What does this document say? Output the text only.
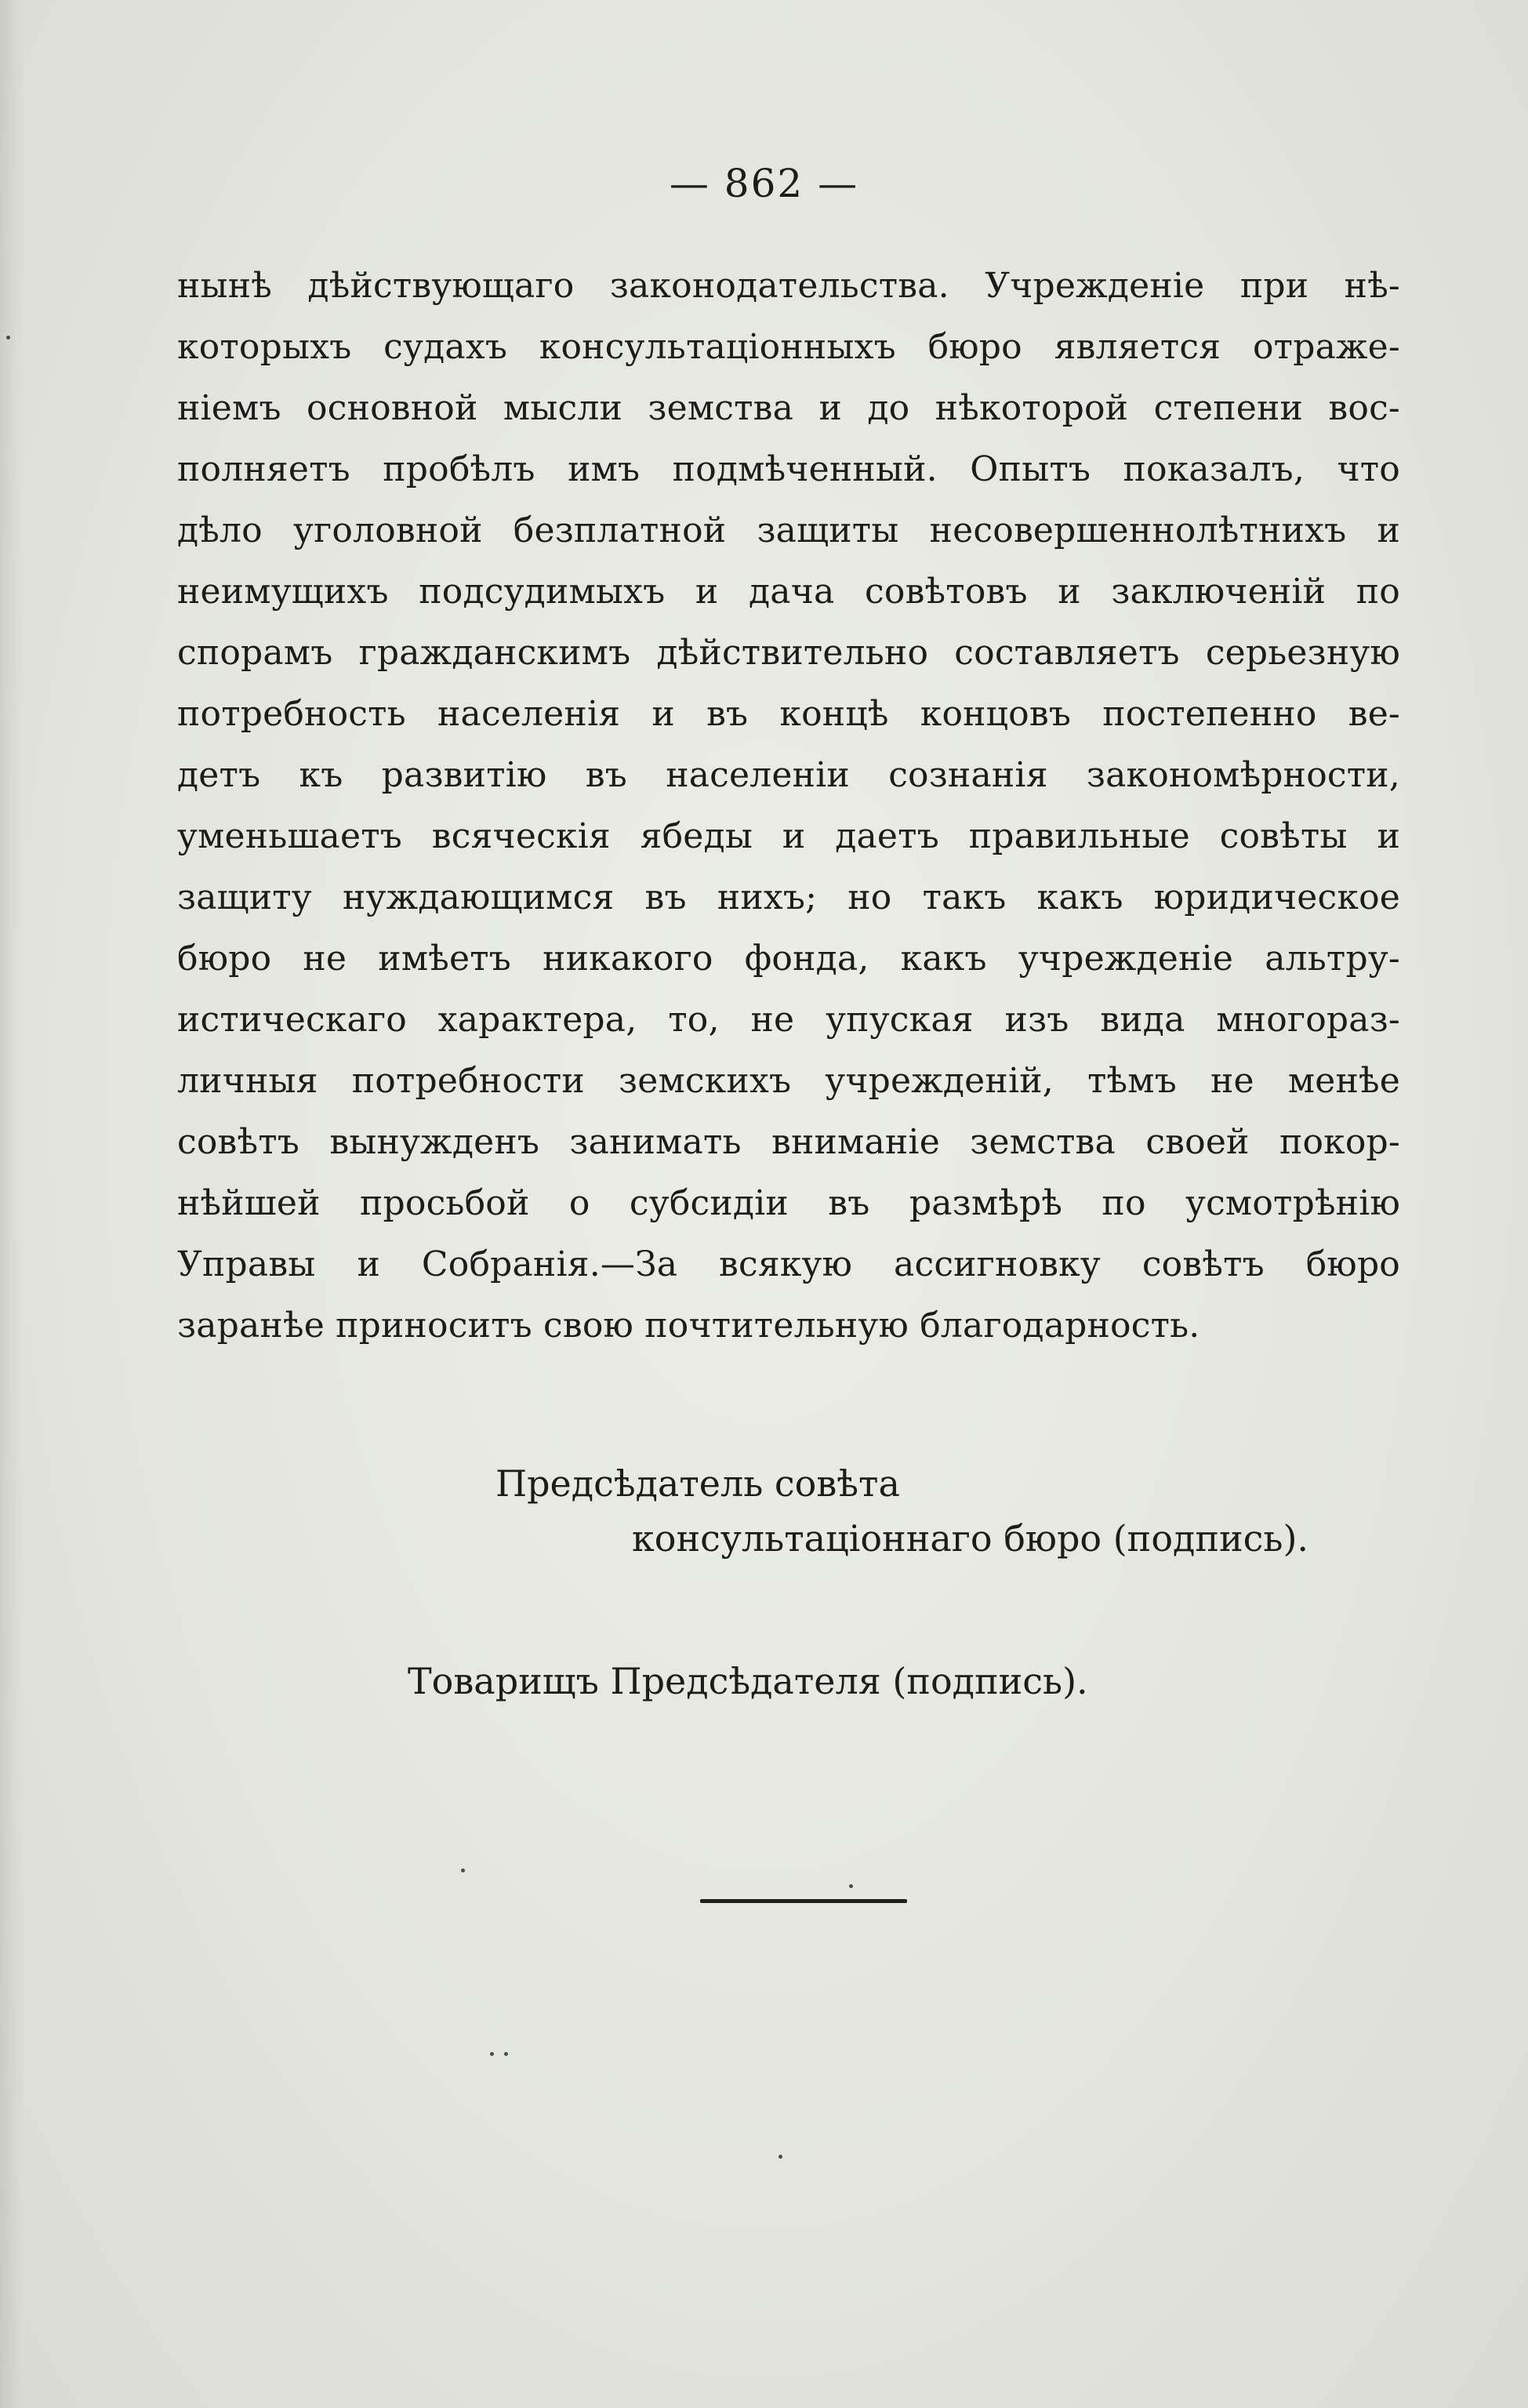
— 862 —
нынѣ дѣйствующаго законодательства. Учрежденіе при нѣ-
которыхъ судахъ консультаціонныхъ бюро является отраже-
ніемъ основной мысли земства и до нѣкоторой степени вос-
полняетъ пробѣлъ имъ подмѣченный. Опытъ показалъ, что
дѣло уголовной безплатной защиты несовершеннолѣтнихъ и
неимущихъ подсудимыхъ и дача совѣтовъ и заключеній по
спорамъ гражданскимъ дѣйствительно составляетъ серьезную
потребность населенія и въ концѣ концовъ постепенно ве-
детъ къ развитію въ населеніи сознанія закономѣрности,
уменьшаетъ всяческія ябеды и даетъ правильные совѣты и
защиту нуждающимся въ нихъ; но такъ какъ юридическое
бюро не имѣетъ никакого фонда, какъ учрежденіе альтру-
истическаго характера, то, не упуская изъ вида многораз-
личныя потребности земскихъ учрежденій, тѣмъ не менѣе
совѣтъ вынужденъ занимать вниманіе земства своей покор-
нѣйшей просьбой о субсидіи въ размѣрѣ по усмотрѣнію
Управы и Собранія.—За всякую ассигновку совѣтъ бюро
заранѣе приноситъ свою почтительную благодарность.
Предсѣдатель совѣта
консультаціоннаго бюро (подпись).
Товарищъ Предсѣдателя (подпись).
